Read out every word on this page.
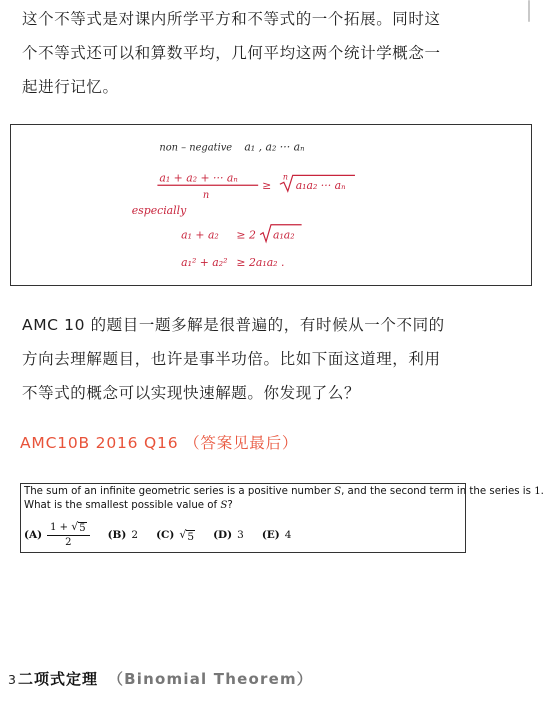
这个不等式是对课内所学平方和不等式的一个拓展。同时这个不等式还可以和算数平均，几何平均这两个统计学概念一起进行记忆。

non – negative a₁ , a₂ ··· aₙ
a₁ + a₂ + ··· aₙ
n
≥
n
a₁a₂ ··· aₙ
especially
a₁ + a₂ ≥ 2 a₁a₂
a₁² + a₂² ≥ 2a₁a₂ .

AMC 10 的题目一题多解是很普遍的，有时候从一个不同的方向去理解题目，也许是事半功倍。比如下面这道理，利用不等式的概念可以实现快速解题。你发现了么？

AMC10B 2016 Q16 （答案见最后）
The sum of an infinite geometric series is a positive number S, and the second term in the series is 1.
What is the smallest possible value of S?
$(A) \frac{1 + √ 5}{2} (B)$ 2 (C) √ 5 (D) 3 (E) 4
3 二项式定理 （Binomial Theorem）
